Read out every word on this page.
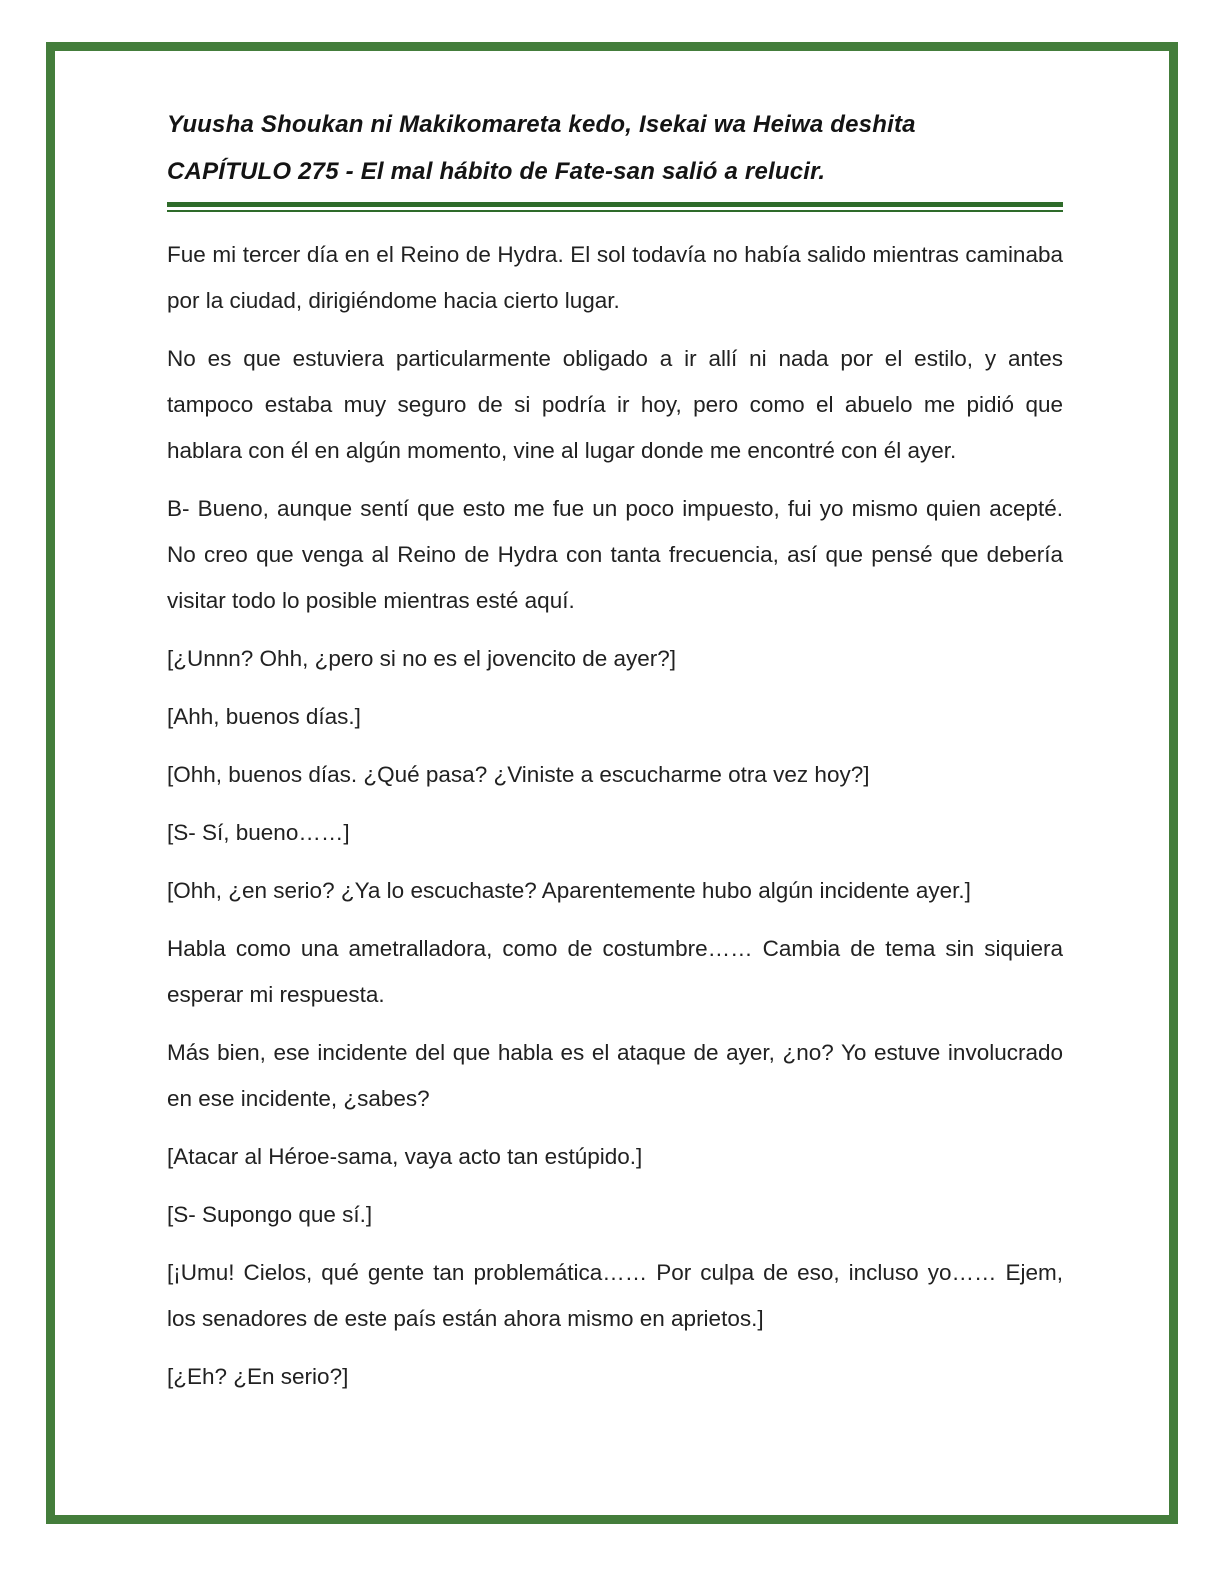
Yuusha Shoukan ni Makikomareta kedo, Isekai wa Heiwa deshita
CAPÍTULO 275 - El mal hábito de Fate-san salió a relucir.

Fue mi tercer día en el Reino de Hydra. El sol todavía no había salido mientras caminaba por la ciudad, dirigiéndome hacia cierto lugar.

No es que estuviera particularmente obligado a ir allí ni nada por el estilo, y antes tampoco estaba muy seguro de si podría ir hoy, pero como el abuelo me pidió que hablara con él en algún momento, vine al lugar donde me encontré con él ayer.

B- Bueno, aunque sentí que esto me fue un poco impuesto, fui yo mismo quien acepté. No creo que venga al Reino de Hydra con tanta frecuencia, así que pensé que debería visitar todo lo posible mientras esté aquí.

[¿Unnn? Ohh, ¿pero si no es el jovencito de ayer?]

[Ahh, buenos días.]

[Ohh, buenos días. ¿Qué pasa? ¿Viniste a escucharme otra vez hoy?]

[S- Sí, bueno……]

[Ohh, ¿en serio? ¿Ya lo escuchaste? Aparentemente hubo algún incidente ayer.]

Habla como una ametralladora, como de costumbre…… Cambia de tema sin siquiera esperar mi respuesta.

Más bien, ese incidente del que habla es el ataque de ayer, ¿no? Yo estuve involucrado en ese incidente, ¿sabes?

[Atacar al Héroe-sama, vaya acto tan estúpido.]

[S- Supongo que sí.]

[¡Umu! Cielos, qué gente tan problemática…… Por culpa de eso, incluso yo…… Ejem, los senadores de este país están ahora mismo en aprietos.]

[¿Eh? ¿En serio?]
